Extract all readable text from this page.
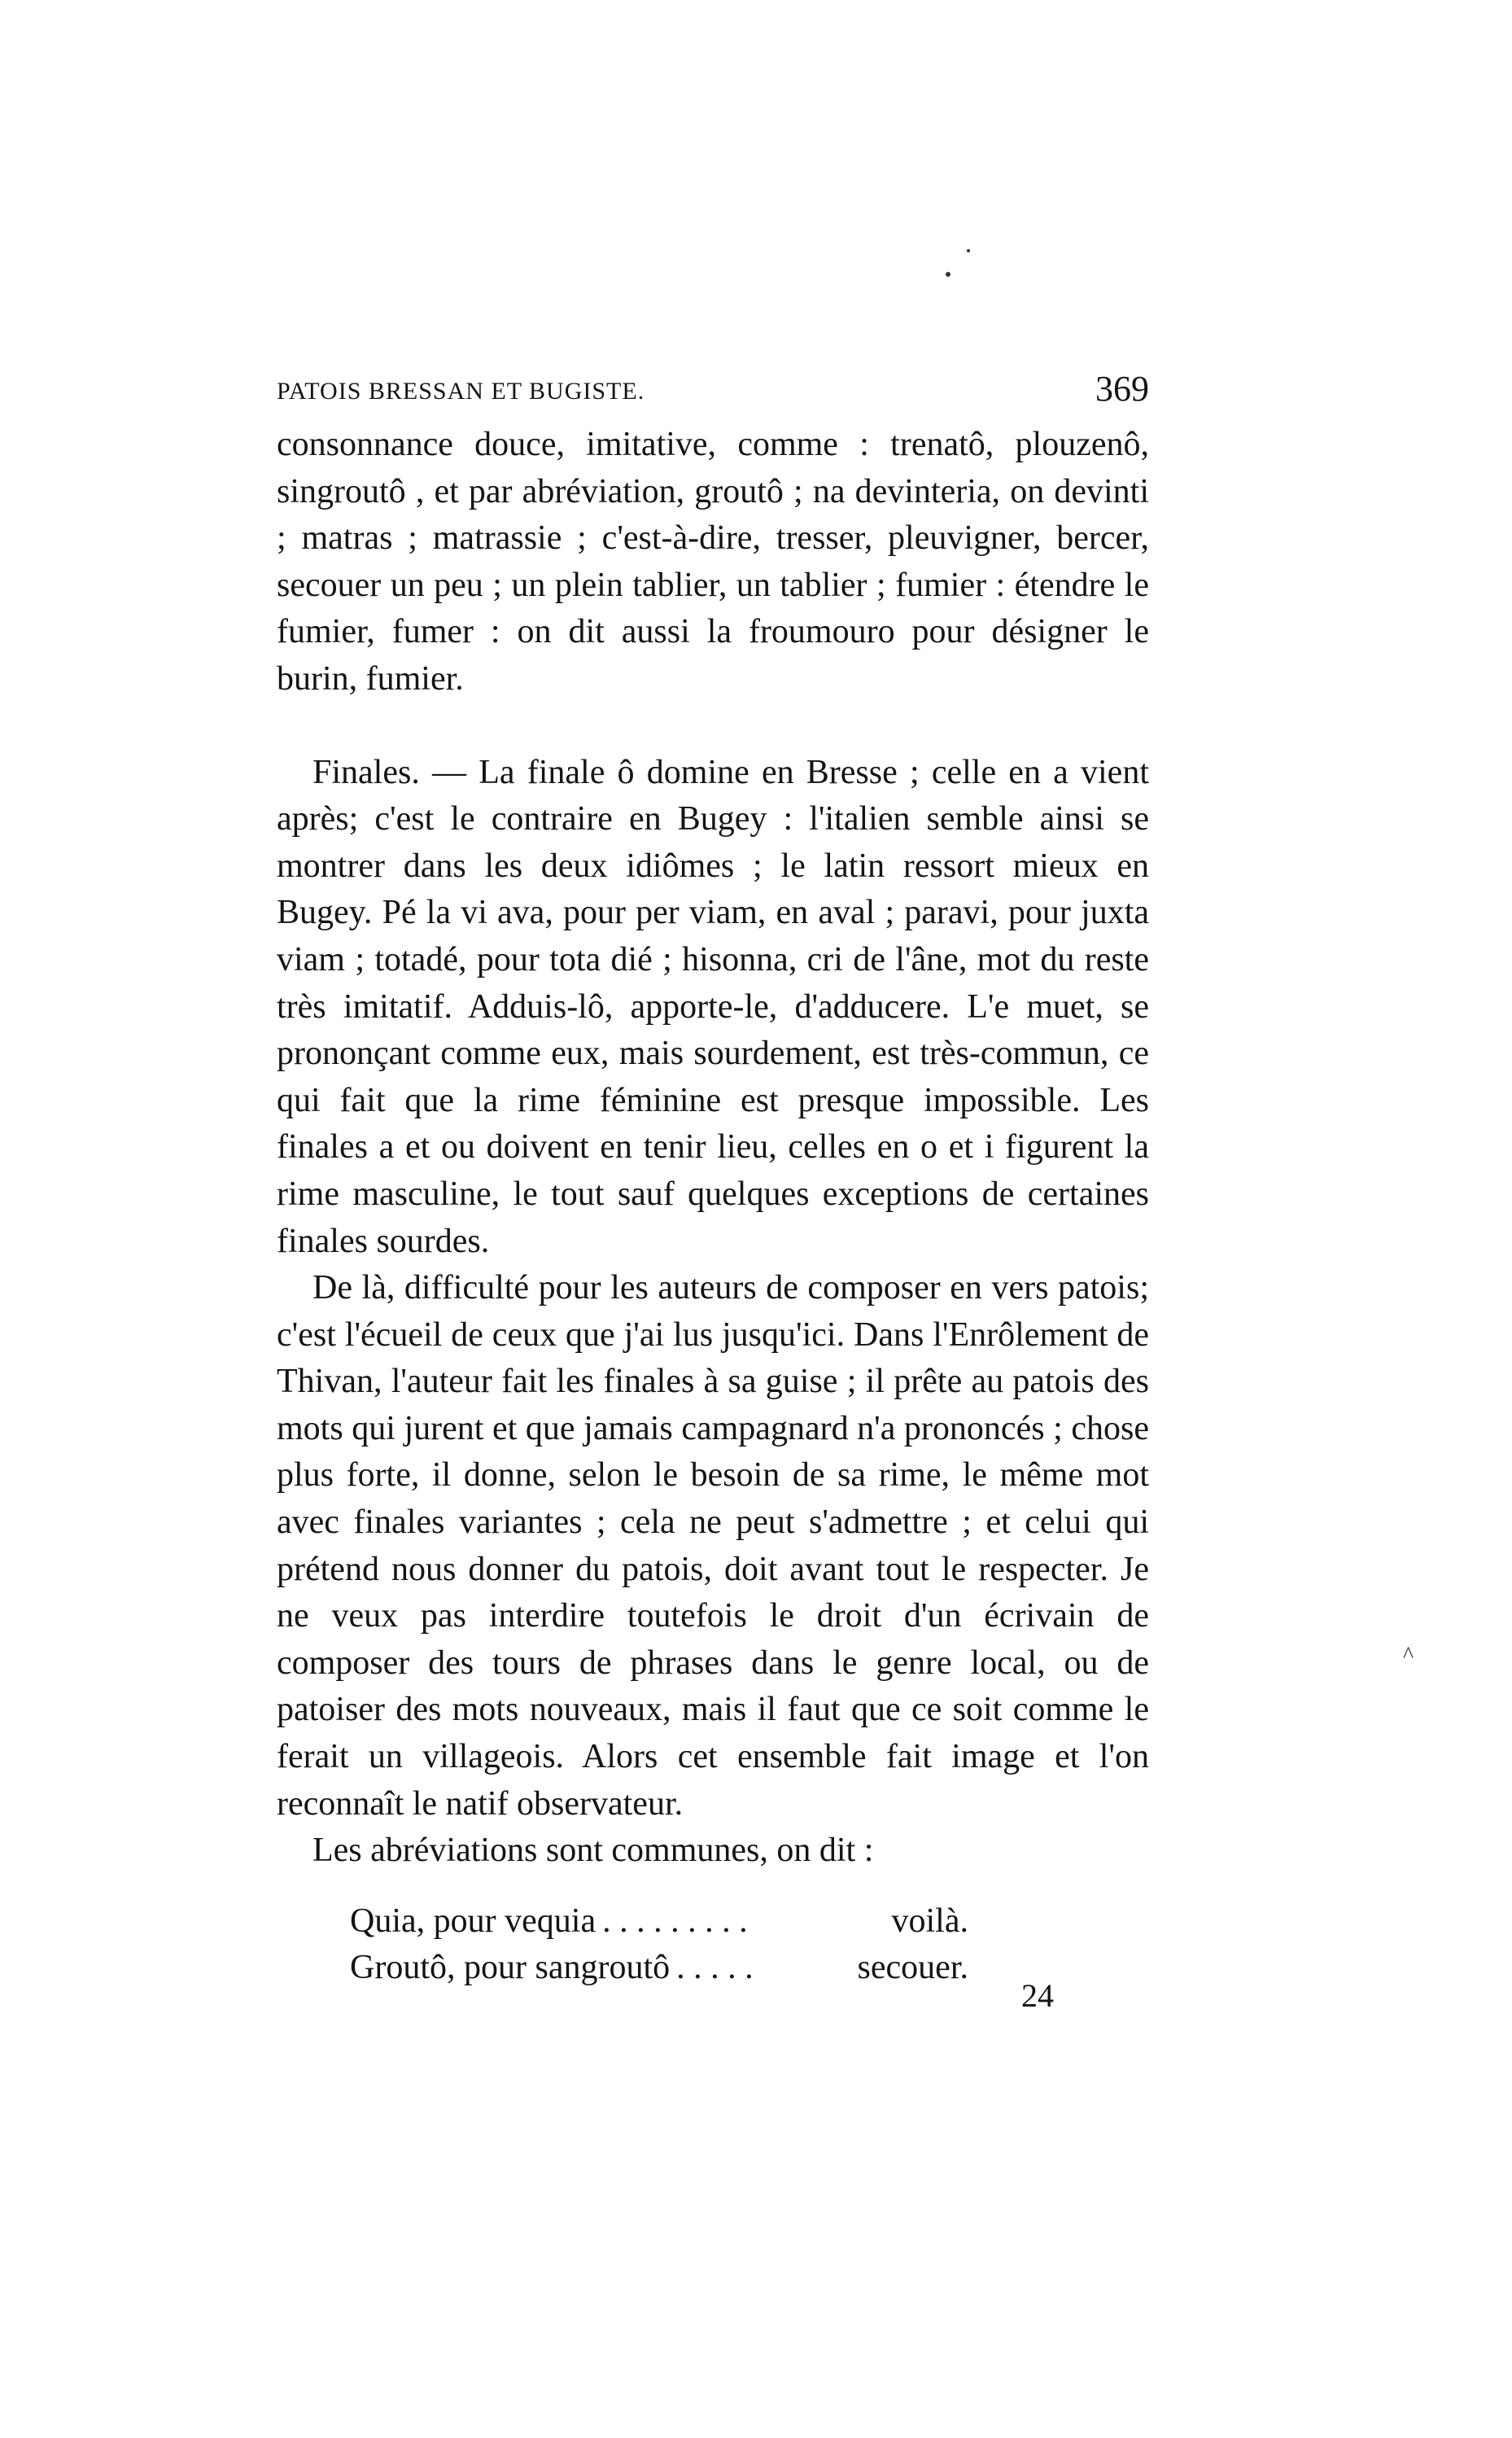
PATOIS BRESSAN ET BUGISTE.	369

consonnance douce, imitative, comme : trenatô, plouzenô, singroutô , et par abréviation, groutô ; na devinteria, on devinti ; matras ; matrassie ; c'est-à-dire, tresser, pleuvigner, bercer, secouer un peu ; un plein tablier, un tablier ; fumier : étendre le fumier, fumer : on dit aussi la froumouro pour désigner le burin, fumier.

Finales. — La finale ô domine en Bresse ; celle en a vient après; c'est le contraire en Bugey : l'italien semble ainsi se montrer dans les deux idiômes ; le latin ressort mieux en Bugey. Pé la vi ava, pour per viam, en aval ; paravi, pour juxta viam ; totadé, pour tota dié ; hisonna, cri de l'âne, mot du reste très imitatif. Adduis-lô, apporte-le, d'adducere. L'e muet, se prononçant comme eux, mais sourdement, est très-commun, ce qui fait que la rime féminine est presque impossible. Les finales a et ou doivent en tenir lieu, celles en o et i figurent la rime masculine, le tout sauf quelques exceptions de certaines finales sourdes.

De là, difficulté pour les auteurs de composer en vers patois; c'est l'écueil de ceux que j'ai lus jusqu'ici. Dans l'Enrôlement de Thivan, l'auteur fait les finales à sa guise ; il prête au patois des mots qui jurent et que jamais campagnard n'a prononcés ; chose plus forte, il donne, selon le besoin de sa rime, le même mot avec finales variantes ; cela ne peut s'admettre ; et celui qui prétend nous donner du patois, doit avant tout le respecter. Je ne veux pas interdire toutefois le droit d'un écrivain de composer des tours de phrases dans le genre local, ou de patoiser des mots nouveaux, mais il faut que ce soit comme le ferait un villageois. Alors cet ensemble fait image et l'on reconnaît le natif observateur.

Les abréviations sont communes, on dit :

Quia, pour vequia . . . . . . . . .	voilà.
Groutô, pour sangroutô . . . . .	secouer.
24
^
